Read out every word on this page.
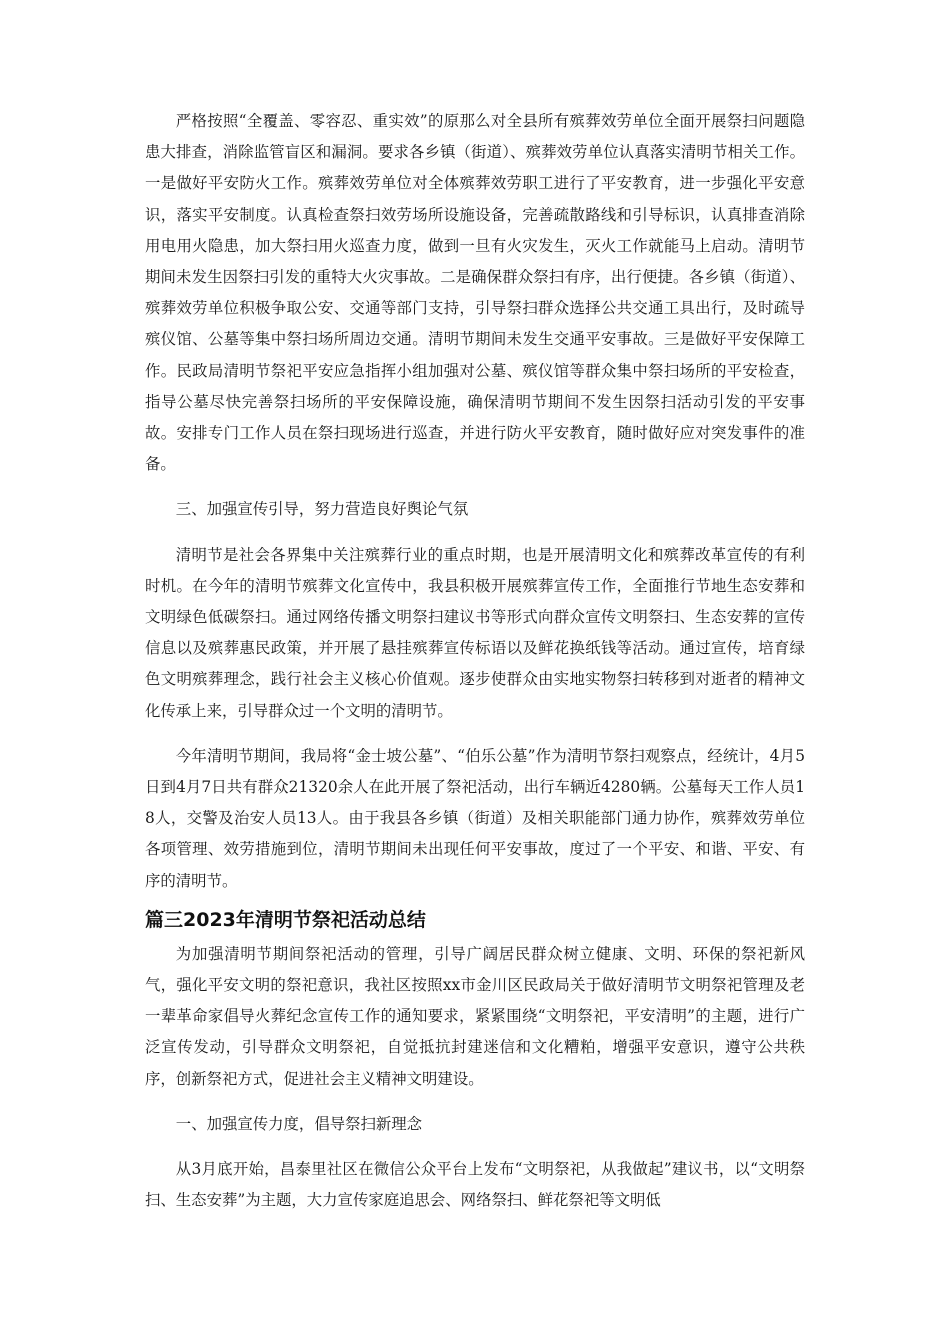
严格按照“全覆盖、零容忍、重实效”的原那么对全县所有殡葬效劳单位全面开展祭扫问题隐患大排查，消除监管盲区和漏洞。要求各乡镇（街道）、殡葬效劳单位认真落实清明节相关工作。一是做好平安防火工作。殡葬效劳单位对全体殡葬效劳职工进行了平安教育，进一步强化平安意识，落实平安制度。认真检查祭扫效劳场所设施设备，完善疏散路线和引导标识，认真排查消除用电用火隐患，加大祭扫用火巡查力度，做到一旦有火灾发生，灭火工作就能马上启动。清明节期间未发生因祭扫引发的重特大火灾事故。二是确保群众祭扫有序，出行便捷。各乡镇（街道）、殡葬效劳单位积极争取公安、交通等部门支持，引导祭扫群众选择公共交通工具出行，及时疏导殡仪馆、公墓等集中祭扫场所周边交通。清明节期间未发生交通平安事故。三是做好平安保障工作。民政局清明节祭祀平安应急指挥小组加强对公墓、殡仪馆等群众集中祭扫场所的平安检查，指导公墓尽快完善祭扫场所的平安保障设施，确保清明节期间不发生因祭扫活动引发的平安事故。安排专门工作人员在祭扫现场进行巡查，并进行防火平安教育，随时做好应对突发事件的准备。

三、加强宣传引导，努力营造良好舆论气氛

清明节是社会各界集中关注殡葬行业的重点时期，也是开展清明文化和殡葬改革宣传的有利时机。在今年的清明节殡葬文化宣传中，我县积极开展殡葬宣传工作，全面推行节地生态安葬和文明绿色低碳祭扫。通过网络传播文明祭扫建议书等形式向群众宣传文明祭扫、生态安葬的宣传信息以及殡葬惠民政策，并开展了悬挂殡葬宣传标语以及鲜花换纸钱等活动。通过宣传，培育绿色文明殡葬理念，践行社会主义核心价值观。逐步使群众由实地实物祭扫转移到对逝者的精神文化传承上来，引导群众过一个文明的清明节。

今年清明节期间，我局将“金士坡公墓”、“伯乐公墓”作为清明节祭扫观察点，经统计，4月5日到4月7日共有群众21320余人在此开展了祭祀活动，出行车辆近4280辆。公墓每天工作人员18人，交警及治安人员13人。由于我县各乡镇（街道）及相关职能部门通力协作，殡葬效劳单位各项管理、效劳措施到位，清明节期间未出现任何平安事故，度过了一个平安、和谐、平安、有序的清明节。

篇三2023年清明节祭祀活动总结

为加强清明节期间祭祀活动的管理，引导广阔居民群众树立健康、文明、环保的祭祀新风气，强化平安文明的祭祀意识，我社区按照xx市金川区民政局关于做好清明节文明祭祀管理及老一辈革命家倡导火葬纪念宣传工作的通知要求，紧紧围绕“文明祭祀，平安清明”的主题，进行广泛宣传发动，引导群众文明祭祀，自觉抵抗封建迷信和文化糟粕，增强平安意识，遵守公共秩序，创新祭祀方式，促进社会主义精神文明建设。

一、加强宣传力度，倡导祭扫新理念

从3月底开始，昌泰里社区在微信公众平台上发布“文明祭祀，从我做起”建议书，以“文明祭扫、生态安葬”为主题，大力宣传家庭追思会、网络祭扫、鲜花祭祀等文明低
